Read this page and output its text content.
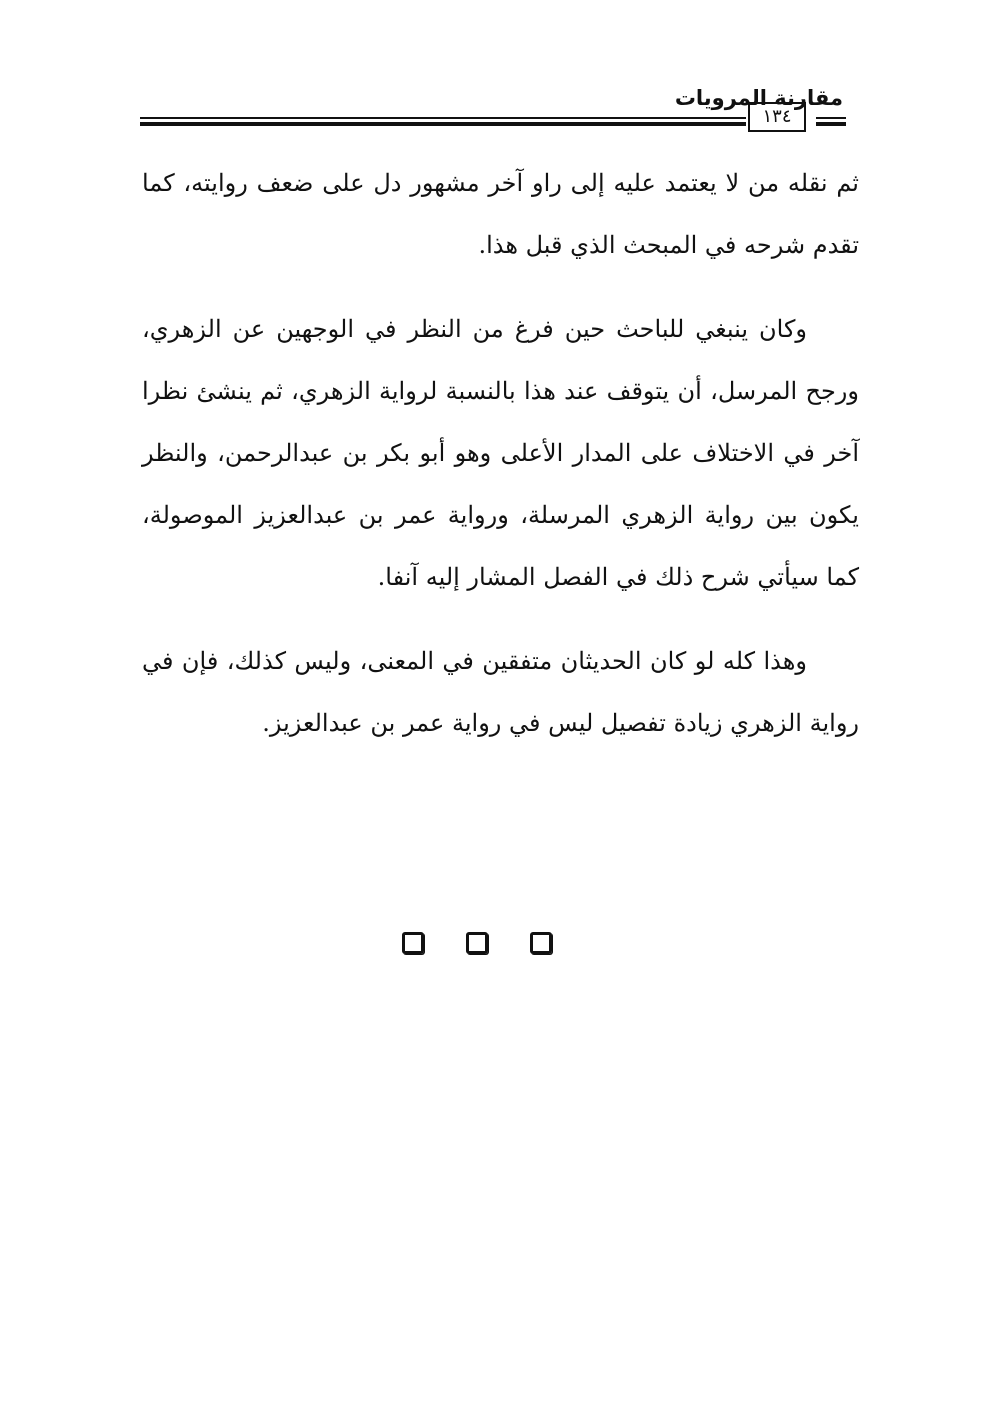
مقارنة المرويات
١٣٤

ثم نقله من لا يعتمد عليه إلى راو آخر مشهور دل على ضعف روايته، كما تقدم شرحه في المبحث الذي قبل هذا.

وكان ينبغي للباحث حين فرغ من النظر في الوجهين عن الزهري، ورجح المرسل، أن يتوقف عند هذا بالنسبة لرواية الزهري، ثم ينشئ نظرا آخر في الاختلاف على المدار الأعلى وهو أبو بكر بن عبدالرحمن، والنظر يكون بين رواية الزهري المرسلة، ورواية عمر بن عبدالعزيز الموصولة، كما سيأتي شرح ذلك في الفصل المشار إليه آنفا.

وهذا كله لو كان الحديثان متفقين في المعنى، وليس كذلك، فإن في رواية الزهري زيادة تفصيل ليس في رواية عمر بن عبدالعزيز.
